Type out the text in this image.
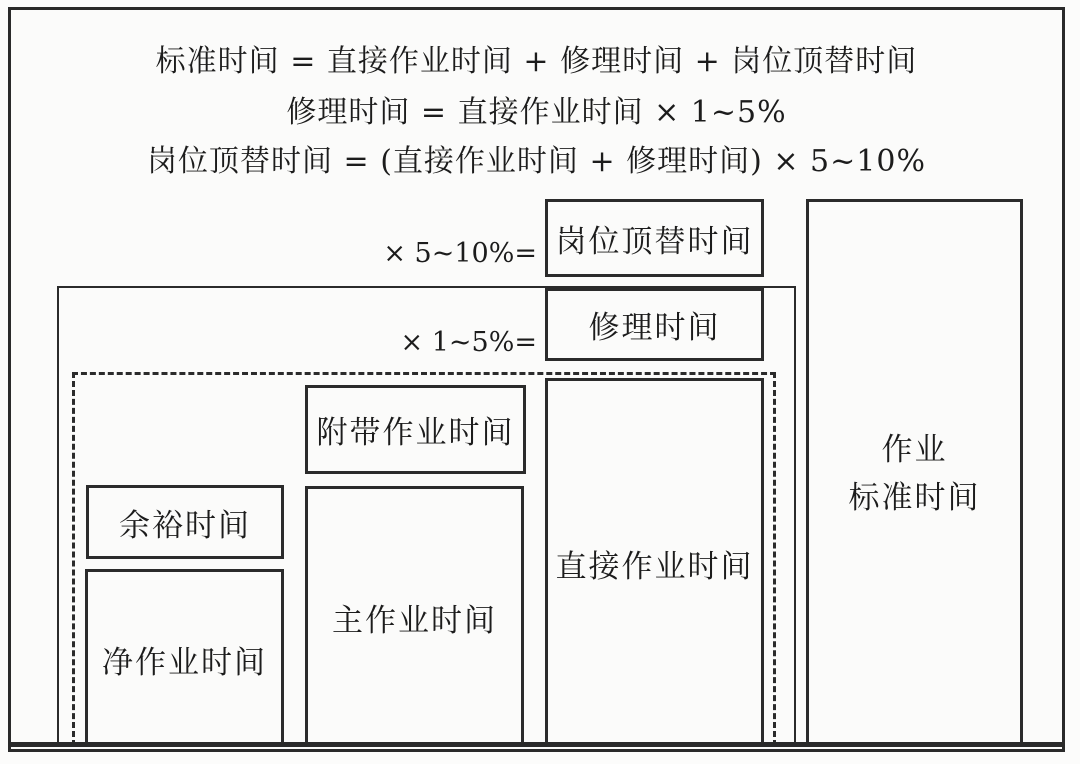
标准时间 = 直接作业时间 + 修理时间 + 岗位顶替时间
修理时间 = 直接作业时间 × 1~5%
岗位顶替时间 = (直接作业时间 + 修理时间) × 5~10%
× 5~10%=
× 1~5%=
岗位顶替时间
修理时间
附带作业时间
余裕时间
净作业时间
主作业时间
直接作业时间
作业
标准时间
